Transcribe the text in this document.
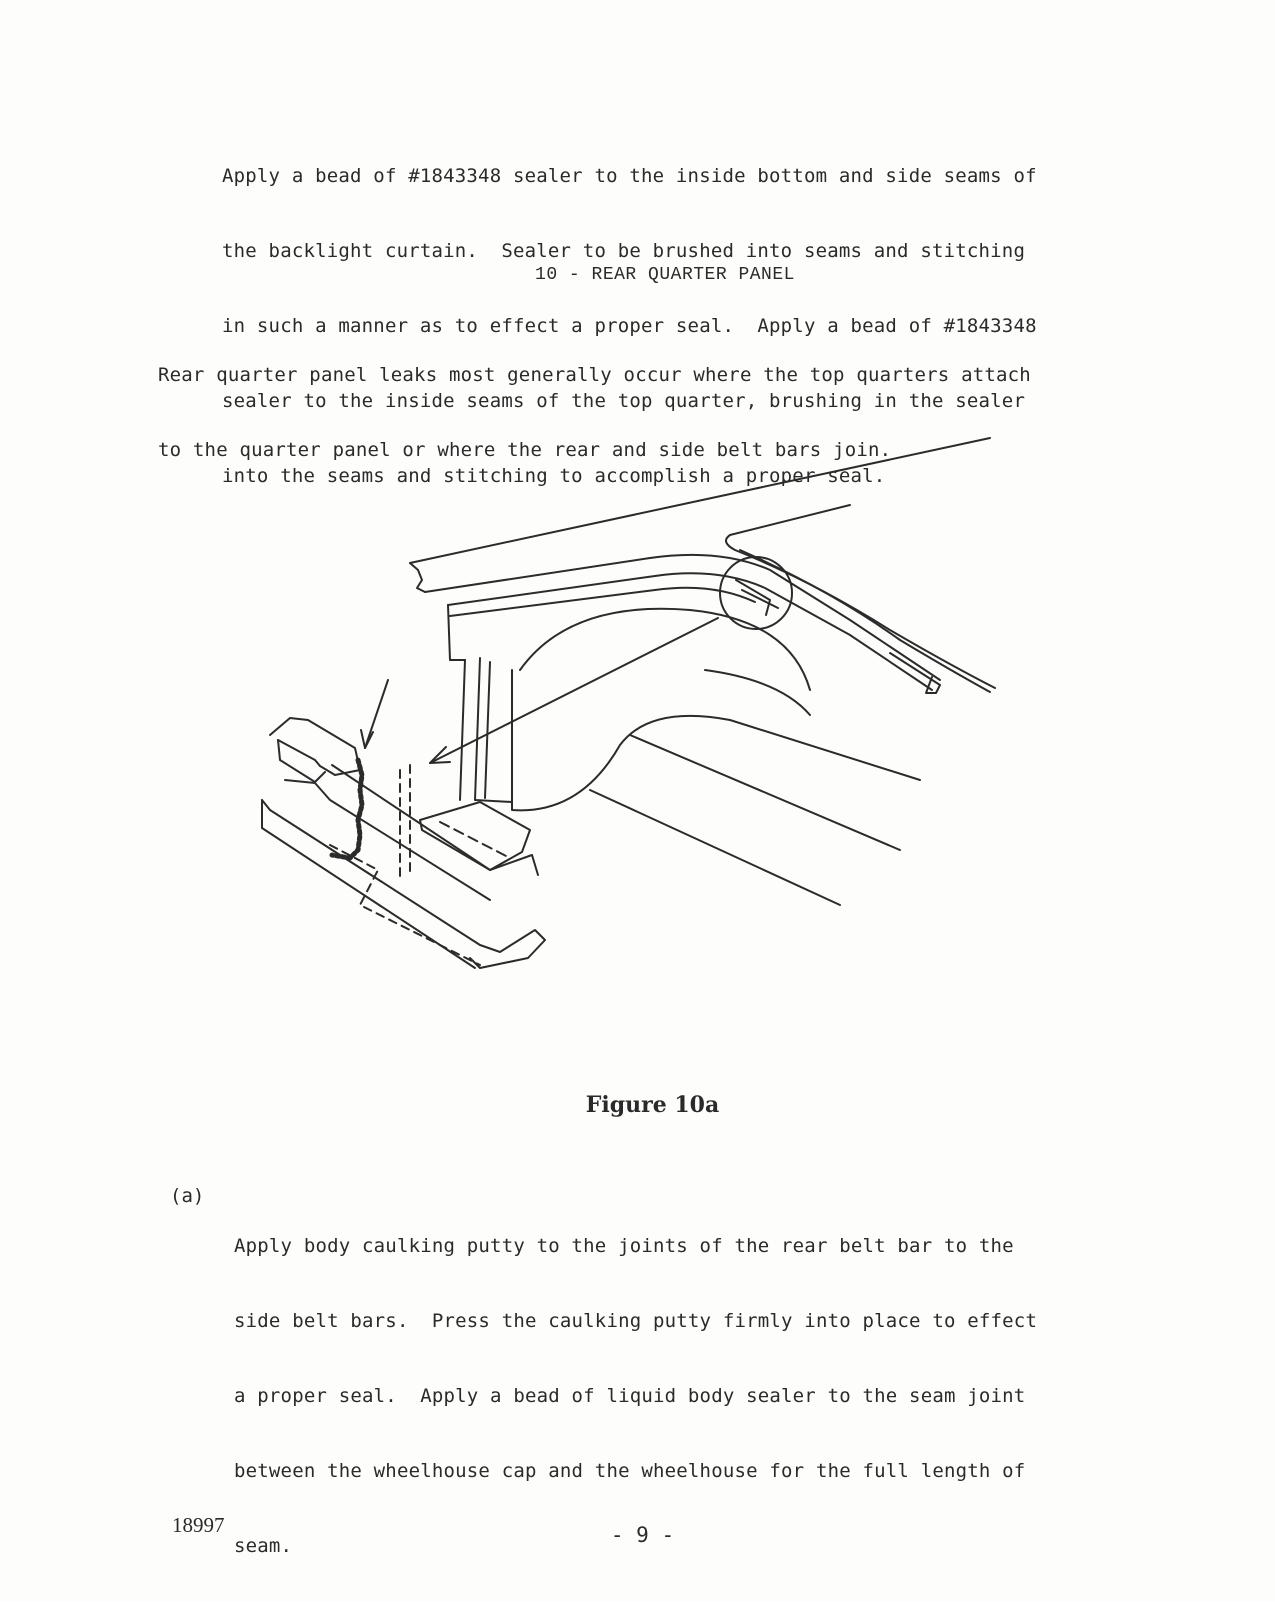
Apply a bead of #1843348 sealer to the inside bottom and side seams of

the backlight curtain.  Sealer to be brushed into seams and stitching

in such a manner as to effect a proper seal.  Apply a bead of #1843348

sealer to the inside seams of the top quarter, brushing in the sealer

into the seams and stitching to accomplish a proper seal.

10 - REAR QUARTER PANEL

Rear quarter panel leaks most generally occur where the top quarters attach

to the quarter panel or where the rear and side belt bars join.

Figure 10a
(a)

Apply body caulking putty to the joints of the rear belt bar to the

side belt bars.  Press the caulking putty firmly into place to effect

a proper seal.  Apply a bead of liquid body sealer to the seam joint

between the wheelhouse cap and the wheelhouse for the full length of

seam.

18997	- 9 -
